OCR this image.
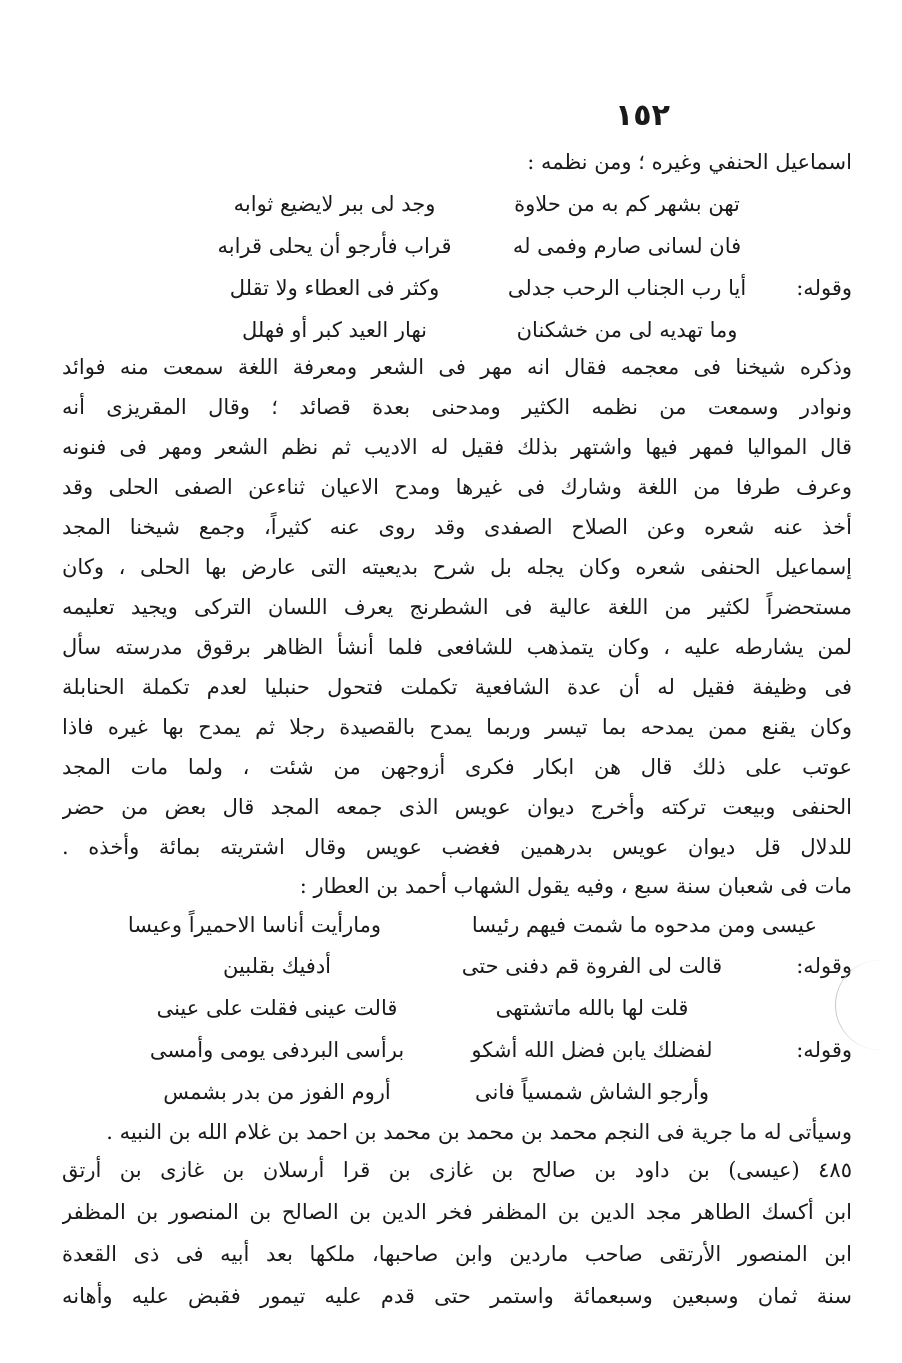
١٥٢
اسماعيل الحنفي وغيره ؛ ومن نظمه :
تهن بشهر كم به من حلاوة
وجد لى ببر لايضيع ثوابه
فان لسانى صارم وفمى له
قراب فأرجو أن يحلى قرابه
وقوله:
أيا رب الجناب الرحب جدلى
وكثر فى العطاء ولا تقلل
وما تهديه لى من خشكنان
نهار العيد كبر أو فهلل
وذكره شيخنا فى معجمه فقال انه مهر فى الشعر ومعرفة اللغة سمعت منه فوائد
ونوادر وسمعت من نظمه الكثير ومدحنى بعدة قصائد ؛ وقال المقريزى أنه
قال المواليا فمهر فيها واشتهر بذلك فقيل له الاديب ثم نظم الشعر ومهر فى فنونه
وعرف طرفا من اللغة وشارك فى غيرها ومدح الاعيان ثناءعن الصفى الحلى وقد
أخذ عنه شعره وعن الصلاح الصفدى وقد روى عنه كثيراً، وجمع شيخنا المجد
إسماعيل الحنفى شعره وكان يجله بل شرح بديعيته التى عارض بها الحلى ، وكان
مستحضراً لكثير من اللغة عالية فى الشطرنج يعرف اللسان التركى ويجيد تعليمه
لمن يشارطه عليه ، وكان يتمذهب للشافعى فلما أنشأ الظاهر برقوق مدرسته سأل
فى وظيفة فقيل له أن عدة الشافعية تكملت فتحول حنبليا لعدم تكملة الحنابلة
وكان يقنع ممن يمدحه بما تيسر وربما يمدح بالقصيدة رجلا ثم يمدح بها غيره فاذا
عوتب على ذلك قال هن ابكار فكرى أزوجهن من شئت ، ولما مات المجد
الحنفى وبيعت تركته وأخرج ديوان عويس الذى جمعه المجد قال بعض من حضر
للدلال قل ديوان عويس بدرهمين فغضب عويس وقال اشتريته بمائة وأخذه .
مات فى شعبان سنة سبع ، وفيه يقول الشهاب أحمد بن العطار :
عيسى ومن مدحوه ما شمت فيهم رئيسا
ومارأيت أناسا الاحميراً وعيسا
وقوله:
قالت لى الفروة قم دفنى حتى
أدفيك بقلبين
قلت لها بالله ماتشتهى
قالت عينى فقلت على عينى
وقوله:
لفضلك يابن فضل الله أشكو
برأسى البردفى يومى وأمسى
وأرجو الشاش شمسياً فانى
أروم الفوز من بدر بشمس
وسيأتى له ما جرية فى النجم محمد بن محمد بن محمد بن احمد بن غلام الله بن النبيه .
٤٨٥ (عيسى) بن داود بن صالح بن غازى بن قرا أرسلان بن غازى بن أرتق
ابن أكسك الطاهر مجد الدين بن المظفر فخر الدين بن الصالح بن المنصور بن المظفر
ابن المنصور الأرتقى صاحب ماردين وابن صاحبها، ملكها بعد أبيه فى ذى القعدة
سنة ثمان وسبعين وسبعمائة واستمر حتى قدم عليه تيمور فقبض عليه وأهانه
